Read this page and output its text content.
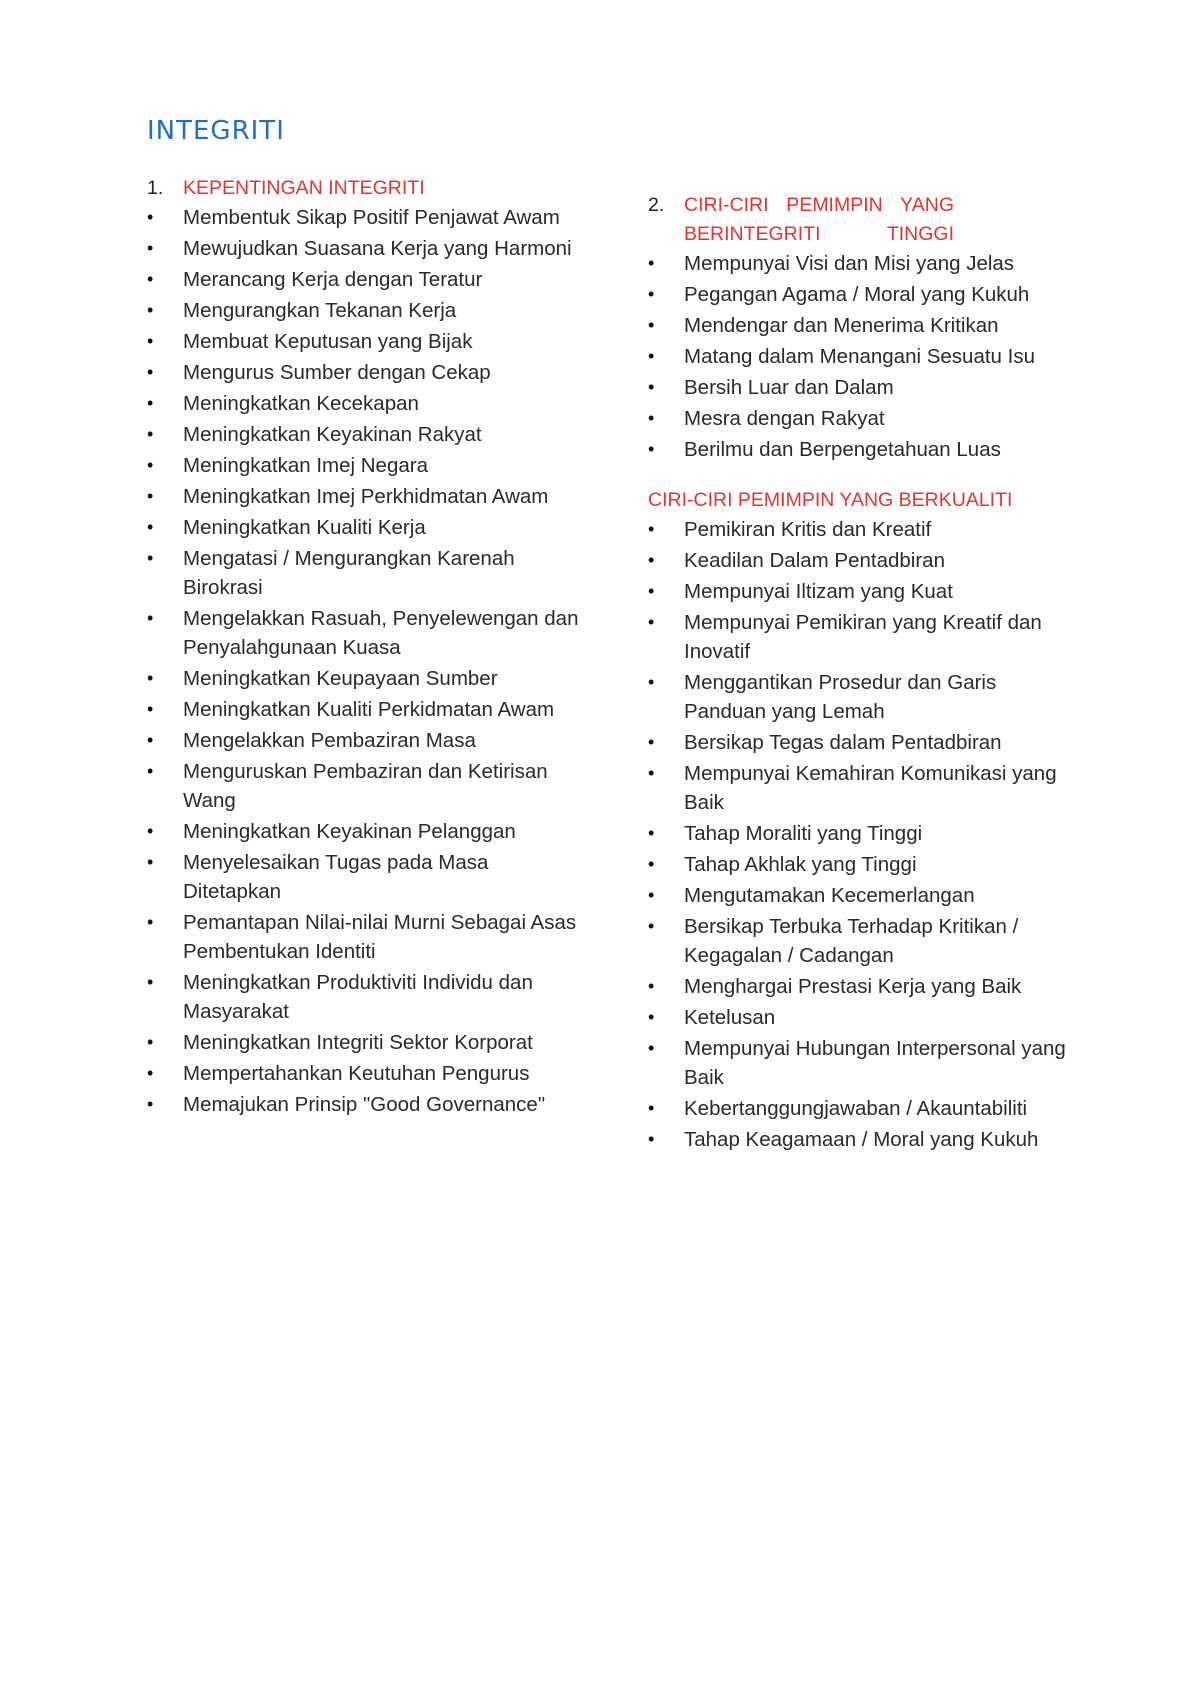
INTEGRITI
1.	KEPENTINGAN INTEGRITI
•	Membentuk Sikap Positif Penjawat Awam
•	Mewujudkan Suasana Kerja yang Harmoni
•	Merancang Kerja dengan Teratur
•	Mengurangkan Tekanan Kerja
•	Membuat Keputusan yang Bijak
•	Mengurus Sumber dengan Cekap
•	Meningkatkan Kecekapan
•	Meningkatkan Keyakinan Rakyat
•	Meningkatkan Imej Negara
•	Meningkatkan Imej Perkhidmatan Awam
•	Meningkatkan Kualiti Kerja
•	Mengatasi / Mengurangkan Karenah Birokrasi
•	Mengelakkan Rasuah, Penyelewengan dan Penyalahgunaan Kuasa
•	Meningkatkan Keupayaan Sumber
•	Meningkatkan Kualiti Perkidmatan Awam
•	Mengelakkan Pembaziran Masa
•	Menguruskan Pembaziran dan Ketirisan Wang
•	Meningkatkan Keyakinan Pelanggan
•	Menyelesaikan Tugas pada Masa Ditetapkan
•	Pemantapan Nilai-nilai Murni Sebagai Asas Pembentukan Identiti
•	Meningkatkan Produktiviti Individu dan Masyarakat
•	Meningkatkan Integriti Sektor Korporat
•	Mempertahankan Keutuhan Pengurus
•	Memajukan Prinsip "Good Governance"
2.	CIRI-CIRI PEMIMPIN YANG BERINTEGRITI TINGGI
•	Mempunyai Visi dan Misi yang Jelas
•	Pegangan Agama / Moral yang Kukuh
•	Mendengar dan Menerima Kritikan
•	Matang dalam Menangani Sesuatu Isu
•	Bersih Luar dan Dalam
•	Mesra dengan Rakyat
•	Berilmu dan Berpengetahuan Luas
CIRI-CIRI PEMIMPIN YANG BERKUALITI
•	Pemikiran Kritis dan Kreatif
•	Keadilan Dalam Pentadbiran
•	Mempunyai Iltizam yang Kuat
•	Mempunyai Pemikiran yang Kreatif dan Inovatif
•	Menggantikan Prosedur dan Garis Panduan yang Lemah
•	Bersikap Tegas dalam Pentadbiran
•	Mempunyai Kemahiran Komunikasi yang Baik
•	Tahap Moraliti yang Tinggi
•	Tahap Akhlak yang Tinggi
•	Mengutamakan Kecemerlangan
•	Bersikap Terbuka Terhadap Kritikan / Kegagalan / Cadangan
•	Menghargai Prestasi Kerja yang Baik
•	Ketelusan
•	Mempunyai Hubungan Interpersonal yang Baik
•	Kebertanggungjawaban / Akauntabiliti
•	Tahap Keagamaan / Moral yang Kukuh
